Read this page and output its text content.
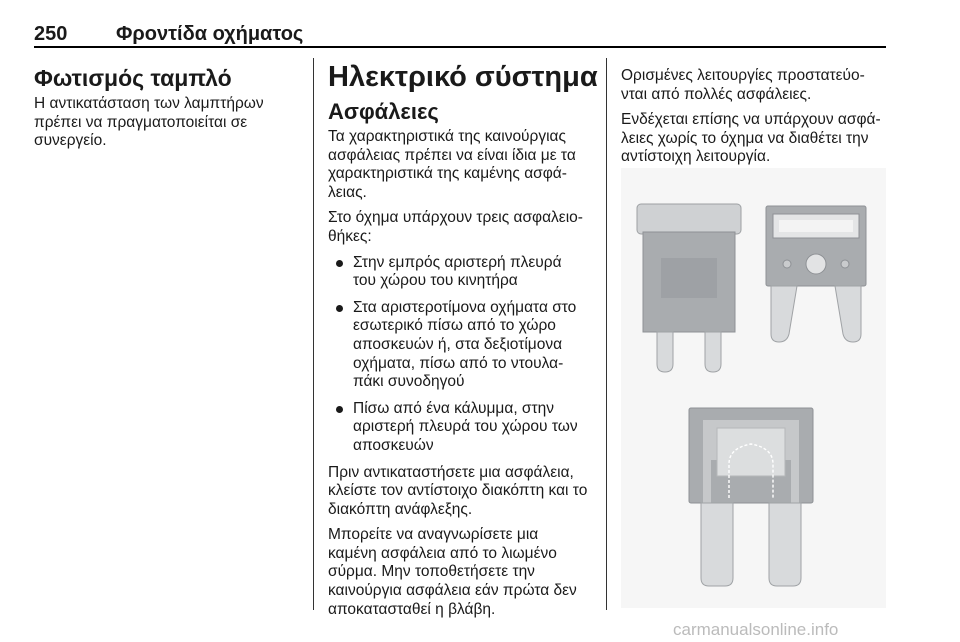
250 Φροντίδα οχήματος
Φωτισμός ταμπλό

Η αντικατάσταση των λαμπτήρων
πρέπει να πραγματοποιείται σε
συνεργείο.

Ηλεκτρικό σύστημα
Ασφάλειες

Τα χαρακτηριστικά της καινούργιας
ασφάλειας πρέπει να είναι ίδια με τα
χαρακτηριστικά της καμένης ασφά-
λειας.

Στο όχημα υπάρχουν τρεις ασφαλειο-
θήκες:

Στην εμπρός αριστερή πλευρά
του χώρου του κινητήρα
Στα αριστεροτίμονα οχήματα στο
εσωτερικό πίσω από το χώρο
αποσκευών ή, στα δεξιοτίμονα
οχήματα, πίσω από το ντουλα-
πάκι συνοδηγού
Πίσω από ένα κάλυμμα, στην
αριστερή πλευρά του χώρου των
αποσκευών

Πριν αντικαταστήσετε μια ασφάλεια,
κλείστε τον αντίστοιχο διακόπτη και το
διακόπτη ανάφλεξης.

Μπορείτε να αναγνωρίσετε μια
καμένη ασφάλεια από το λιωμένο
σύρμα. Μην τοποθετήσετε την
καινούργια ασφάλεια εάν πρώτα δεν
αποκατασταθεί η βλάβη.

Ορισμένες λειτουργίες προστατεύο-
νται από πολλές ασφάλειες.

Ενδέχεται επίσης να υπάρχουν ασφά-
λειες χωρίς το όχημα να διαθέτει την
αντίστοιχη λειτουργία.

carmanualsonline.info
